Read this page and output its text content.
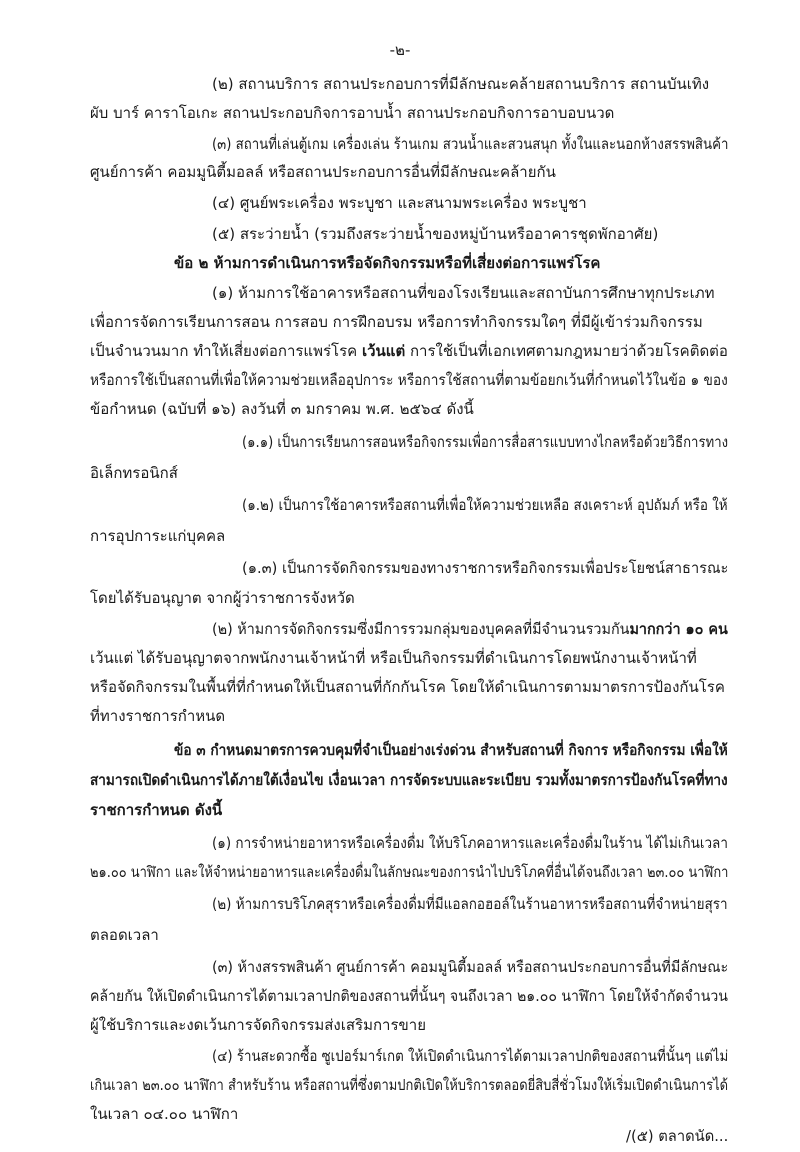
-๒-
(๒) สถานบริการ สถานประกอบการที่มีลักษณะคล้ายสถานบริการ สถานบันเทิง
ผับ บาร์ คาราโอเกะ สถานประกอบกิจการอาบน้ำ สถานประกอบกิจการอาบอบนวด
(๓) สถานที่เล่นตู้เกม เครื่องเล่น ร้านเกม สวนน้ำและสวนสนุก ทั้งในและนอกห้างสรรพสินค้า
ศูนย์การค้า คอมมูนิตี้มอลล์ หรือสถานประกอบการอื่นที่มีลักษณะคล้ายกัน
(๔) ศูนย์พระเครื่อง พระบูชา และสนามพระเครื่อง พระบูชา
(๕) สระว่ายน้ำ (รวมถึงสระว่ายน้ำของหมู่บ้านหรืออาคารชุดพักอาศัย)
ข้อ ๒ ห้ามการดำเนินการหรือจัดกิจกรรมหรือที่เสี่ยงต่อการแพร่โรค
(๑) ห้ามการใช้อาคารหรือสถานที่ของโรงเรียนและสถาบันการศึกษาทุกประเภท
เพื่อการจัดการเรียนการสอน การสอบ การฝึกอบรม หรือการทำกิจกรรมใดๆ ที่มีผู้เข้าร่วมกิจกรรม
เป็นจำนวนมาก ทำให้เสี่ยงต่อการแพร่โรค เว้นแต่ การใช้เป็นที่เอกเทศตามกฎหมายว่าด้วยโรคติดต่อ
หรือการใช้เป็นสถานที่เพื่อให้ความช่วยเหลืออุปการะ หรือการใช้สถานที่ตามข้อยกเว้นที่กำหนดไว้ในข้อ ๑ ของ
ข้อกำหนด (ฉบับที่ ๑๖) ลงวันที่ ๓ มกราคม พ.ศ. ๒๕๖๔ ดังนี้
(๑.๑) เป็นการเรียนการสอนหรือกิจกรรมเพื่อการสื่อสารแบบทางไกลหรือด้วยวิธีการทาง
อิเล็กทรอนิกส์
(๑.๒) เป็นการใช้อาคารหรือสถานที่เพื่อให้ความช่วยเหลือ สงเคราะห์ อุปถัมภ์ หรือ ให้
การอุปการะแก่บุคคล
(๑.๓) เป็นการจัดกิจกรรมของทางราชการหรือกิจกรรมเพื่อประโยชน์สาธารณะ
โดยได้รับอนุญาต จากผู้ว่าราชการจังหวัด
(๒) ห้ามการจัดกิจกรรมซึ่งมีการรวมกลุ่มของบุคคลที่มีจำนวนรวมกันมากกว่า ๑๐ คน
เว้นแต่ ได้รับอนุญาตจากพนักงานเจ้าหน้าที่ หรือเป็นกิจกรรมที่ดำเนินการโดยพนักงานเจ้าหน้าที่
หรือจัดกิจกรรมในพื้นที่ที่กำหนดให้เป็นสถานที่กักกันโรค โดยให้ดำเนินการตามมาตรการป้องกันโรค
ที่ทางราชการกำหนด
ข้อ ๓ กำหนดมาตรการควบคุมที่จำเป็นอย่างเร่งด่วน สำหรับสถานที่ กิจการ หรือกิจกรรม เพื่อให้
สามารถเปิดดำเนินการได้ภายใต้เงื่อนไข เงื่อนเวลา การจัดระบบและระเบียบ รวมทั้งมาตรการป้องกันโรคที่ทาง
ราชการกำหนด ดังนี้
(๑) การจำหน่ายอาหารหรือเครื่องดื่ม ให้บริโภคอาหารและเครื่องดื่มในร้าน ได้ไม่เกินเวลา
๒๑.๐๐ นาฬิกา และให้จำหน่ายอาหารและเครื่องดื่มในลักษณะของการนำไปบริโภคที่อื่นได้จนถึงเวลา ๒๓.๐๐ นาฬิกา
(๒) ห้ามการบริโภคสุราหรือเครื่องดื่มที่มีแอลกอฮอล์ในร้านอาหารหรือสถานที่จำหน่ายสุรา
ตลอดเวลา
(๓) ห้างสรรพสินค้า ศูนย์การค้า คอมมูนิตี้มอลล์ หรือสถานประกอบการอื่นที่มีลักษณะ
คล้ายกัน ให้เปิดดำเนินการได้ตามเวลาปกติของสถานที่นั้นๆ จนถึงเวลา ๒๑.๐๐ นาฬิกา โดยให้จำกัดจำนวน
ผู้ใช้บริการและงดเว้นการจัดกิจกรรมส่งเสริมการขาย
(๔) ร้านสะดวกซื้อ ซูเปอร์มาร์เกต ให้เปิดดำเนินการได้ตามเวลาปกติของสถานที่นั้นๆ แต่ไม่
เกินเวลา ๒๓.๐๐ นาฬิกา สำหรับร้าน หรือสถานที่ซึ่งตามปกติเปิดให้บริการตลอดยี่สิบสี่ชั่วโมงให้เริ่มเปิดดำเนินการได้
ในเวลา ๐๔.๐๐ นาฬิกา
/(๕) ตลาดนัด...
